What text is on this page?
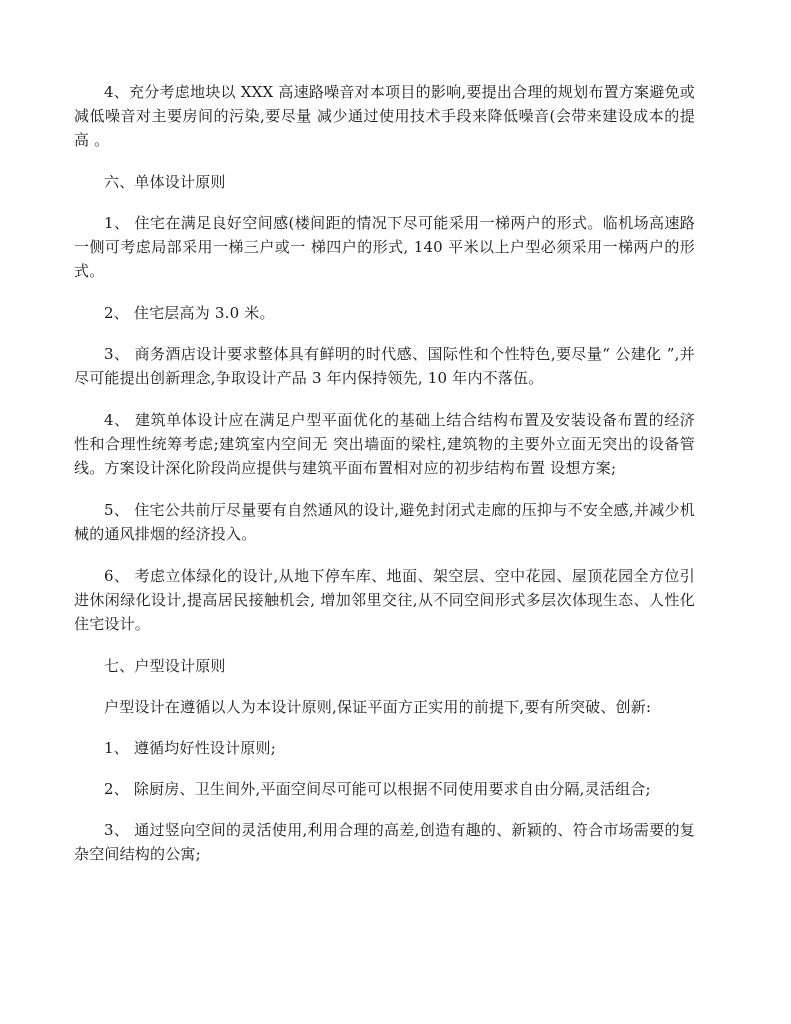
4、充分考虑地块以 XXX 高速路噪音对本项目的影响,要提出合理的规划布置方案避免或减低噪音对主要房间的污染,要尽量 减少通过使用技术手段来降低噪音(会带来建设成本的提高 。

六、单体设计原则

1、 住宅在满足良好空间感(楼间距的情况下尽可能采用一梯两户的形式。临机场高速路一侧可考虑局部采用一梯三户或一 梯四户的形式, 140 平米以上户型必须采用一梯两户的形式。

2、 住宅层高为 3.0 米。

3、 商务酒店设计要求整体具有鲜明的时代感、国际性和个性特色,要尽量“ 公建化 ”,并尽可能提出创新理念,争取设计产品 3 年内保持领先, 10 年内不落伍。

4、 建筑单体设计应在满足户型平面优化的基础上结合结构布置及安装设备布置的经济性和合理性统筹考虑;建筑室内空间无 突出墙面的梁柱,建筑物的主要外立面无突出的设备管线。方案设计深化阶段尚应提供与建筑平面布置相对应的初步结构布置 设想方案;

5、 住宅公共前厅尽量要有自然通风的设计,避免封闭式走廊的压抑与不安全感,并减少机械的通风排烟的经济投入。

6、 考虑立体绿化的设计,从地下停车库、地面、架空层、空中花园、屋顶花园全方位引进休闲绿化设计,提高居民接触机会, 增加邻里交往,从不同空间形式多层次体现生态、人性化住宅设计。

七、户型设计原则

户型设计在遵循以人为本设计原则,保证平面方正实用的前提下,要有所突破、创新:

1、 遵循均好性设计原则;

2、 除厨房、卫生间外,平面空间尽可能可以根据不同使用要求自由分隔,灵活组合;

3、 通过竖向空间的灵活使用,利用合理的高差,创造有趣的、新颖的、符合市场需要的复杂空间结构的公寓;
